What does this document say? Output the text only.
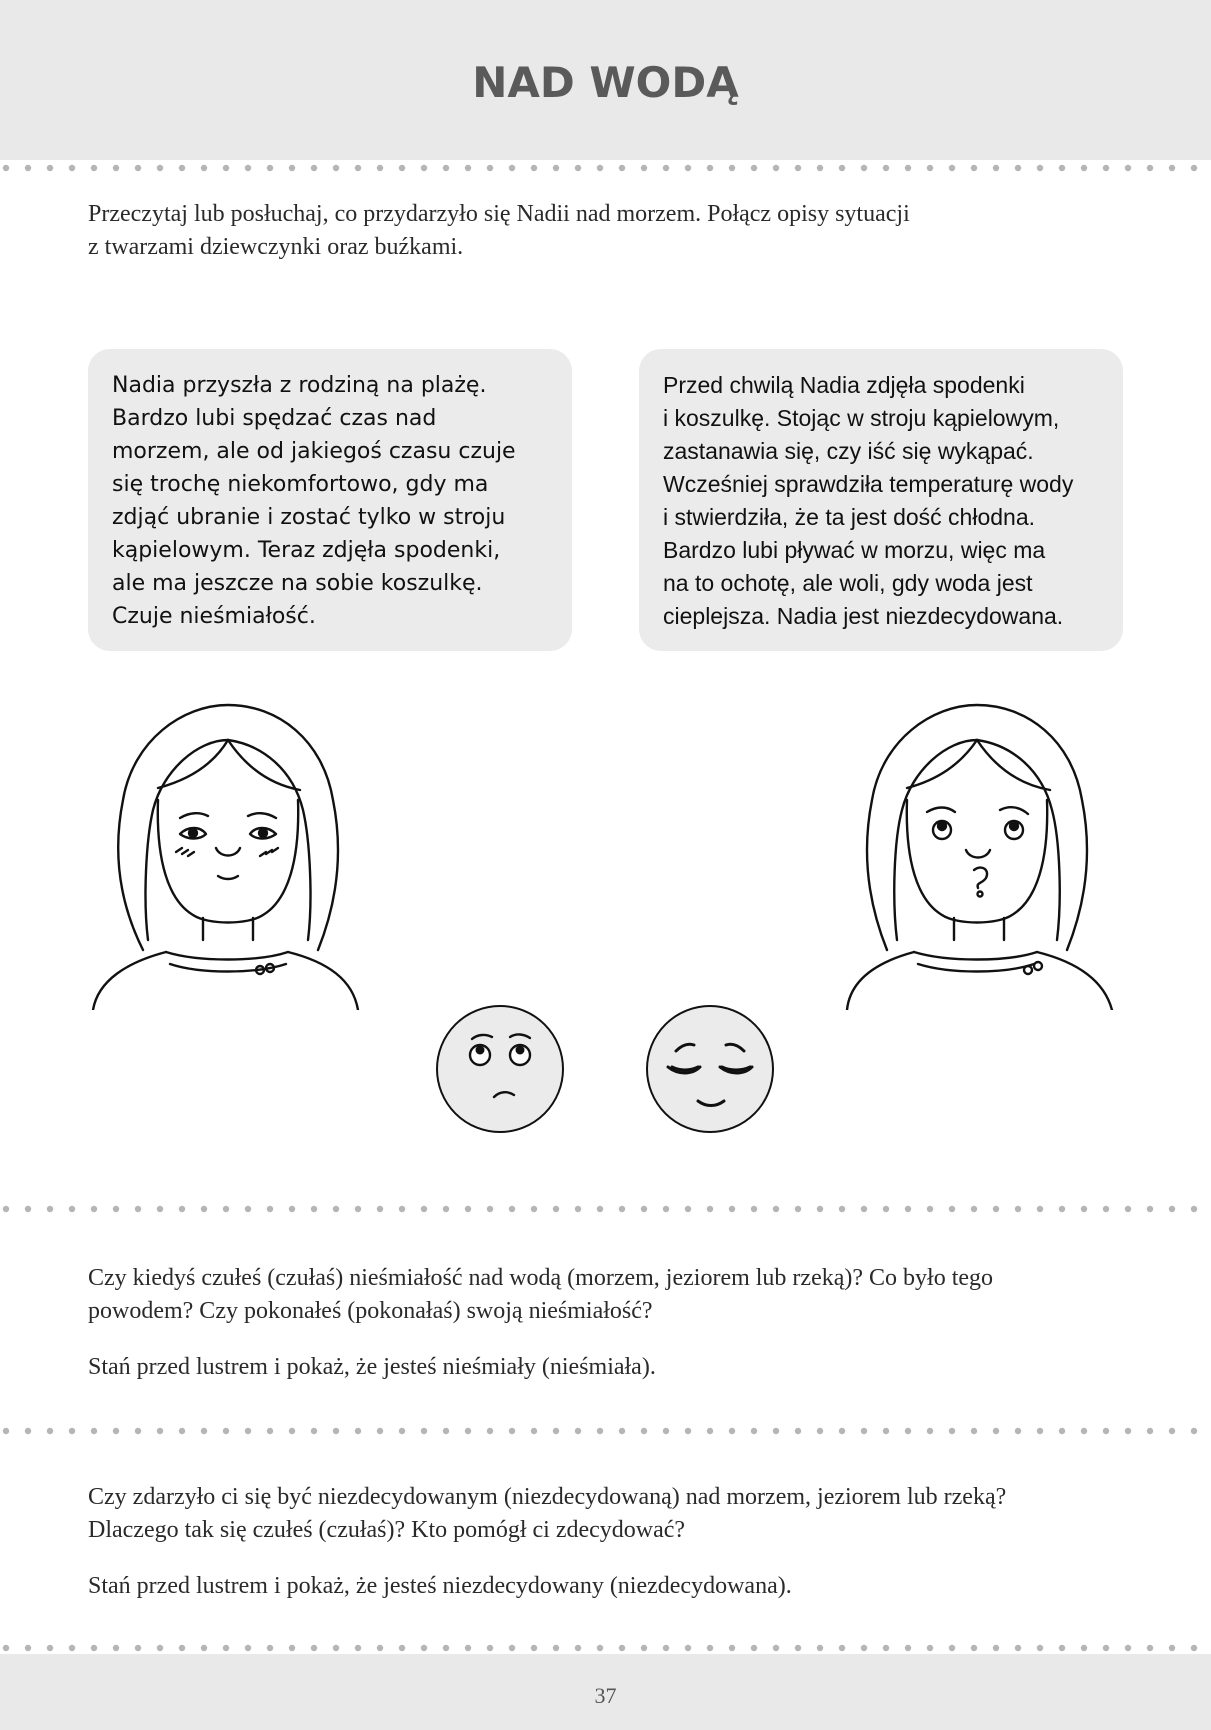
NAD WODĄ
Przeczytaj lub posłuchaj, co przydarzyło się Nadii nad morzem. Połącz opisy sytuacji
z twarzami dziewczynki oraz buźkami.
Nadia przyszła z rodziną na plażę.
Bardzo lubi spędzać czas nad
morzem, ale od jakiegoś czasu czuje
się trochę niekomfortowo, gdy ma
zdjąć ubranie i zostać tylko w stroju
kąpielowym. Teraz zdjęła spodenki,
ale ma jeszcze na sobie koszulkę.
Czuje nieśmiałość.
Przed chwilą Nadia zdjęła spodenki
i koszulkę. Stojąc w stroju kąpielowym,
zastanawia się, czy iść się wykąpać.
Wcześniej sprawdziła temperaturę wody
i stwierdziła, że ta jest dość chłodna.
Bardzo lubi pływać w morzu, więc ma
na to ochotę, ale woli, gdy woda jest
cieplejsza. Nadia jest niezdecydowana.
Czy kiedyś czułeś (czułaś) nieśmiałość nad wodą (morzem, jeziorem lub rzeką)? Co było tego
powodem? Czy pokonałeś (pokonałaś) swoją nieśmiałość?
Stań przed lustrem i pokaż, że jesteś nieśmiały (nieśmiała).
Czy zdarzyło ci się być niezdecydowanym (niezdecydowaną) nad morzem, jeziorem lub rzeką?
Dlaczego tak się czułeś (czułaś)? Kto pomógł ci zdecydować?
Stań przed lustrem i pokaż, że jesteś niezdecydowany (niezdecydowana).
37
